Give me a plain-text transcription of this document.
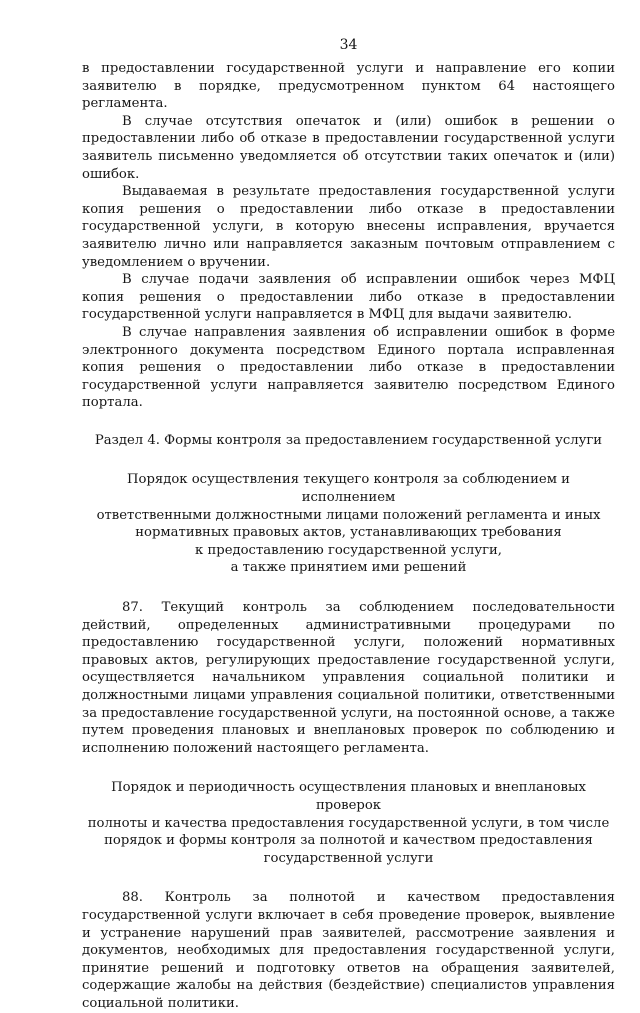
34

в предоставлении государственной услуги и направление его копии заявителю в порядке, предусмотренном пунктом 64 настоящего регламента.

В случае отсутствия опечаток и (или) ошибок в решении о предоставлении либо об отказе в предоставлении государственной услуги заявитель письменно уведомляется об отсутствии таких опечаток и (или) ошибок.

Выдаваемая в результате предоставления государственной услуги копия решения о предоставлении либо отказе в предоставлении государственной услуги, в которую внесены исправления, вручается заявителю лично или направляется заказным почтовым отправлением с уведомлением о вручении.

В случае подачи заявления об исправлении ошибок через МФЦ копия решения о предоставлении либо отказе в предоставлении государственной услуги направляется в МФЦ для выдачи заявителю.

В случае направления заявления об исправлении ошибок в форме электронного документа посредством Единого портала исправленная копия решения о предоставлении либо отказе в предоставлении государственной услуги направляется заявителю посредством Единого портала.

Раздел 4. Формы контроля за предоставлением государственной услуги
Порядок осуществления текущего контроля за соблюдением и исполнением
ответственными должностными лицами положений регламента и иных
нормативных правовых актов, устанавливающих требования
к предоставлению государственной услуги,
а также принятием ими решений

87. Текущий контроль за соблюдением последовательности действий, определенных административными процедурами по предоставлению государственной услуги, положений нормативных правовых актов, регулирующих предоставление государственной услуги, осуществляется начальником управления социальной политики и должностными лицами управления социальной политики, ответственными за предоставление государственной услуги, на постоянной основе, а также путем проведения плановых и внеплановых проверок по соблюдению и исполнению положений настоящего регламента.

Порядок и периодичность осуществления плановых и внеплановых проверок
полноты и качества предоставления государственной услуги, в том числе
порядок и формы контроля за полнотой и качеством предоставления
государственной услуги

88. Контроль за полнотой и качеством предоставления государственной услуги включает в себя проведение проверок, выявление и устранение нарушений прав заявителей, рассмотрение заявления и документов, необходимых для предоставления государственной услуги, принятие решений и подготовку ответов на обращения заявителей, содержащие жалобы на действия (бездействие) специалистов управления социальной политики.
